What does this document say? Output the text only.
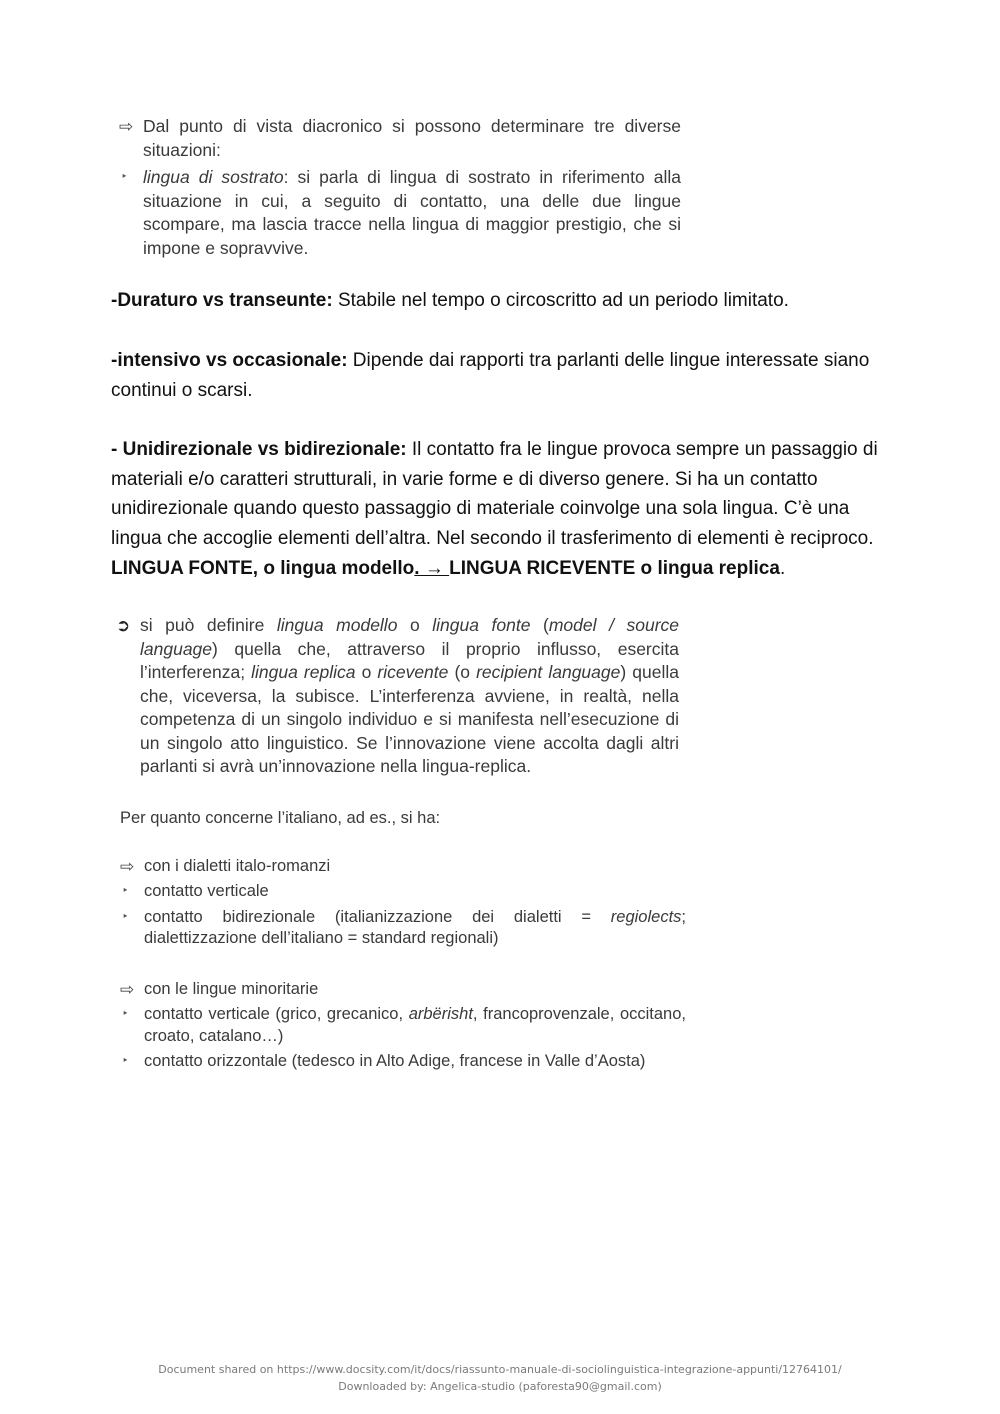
⇨ Dal punto di vista diacronico si possono determinare tre diverse situazioni:
‣ lingua di sostrato: si parla di lingua di sostrato in riferimento alla situazione in cui, a seguito di contatto, una delle due lingue scompare, ma lascia tracce nella lingua di maggior prestigio, che si impone e sopravvive.

-Duraturo vs transeunte: Stabile nel tempo o circoscritto ad un periodo limitato.

-intensivo vs occasionale: Dipende dai rapporti tra parlanti delle lingue interessate siano continui o scarsi.

- Unidirezionale vs bidirezionale: Il contatto fra le lingue provoca sempre un passaggio di materiali e/o caratteri strutturali, in varie forme e di diverso genere. Si ha un contatto unidirezionale quando questo passaggio di materiale coinvolge una sola lingua. C’è una lingua che accoglie elementi dell’altra. Nel secondo il trasferimento di elementi è reciproco.

LINGUA FONTE, o lingua modello. → LINGUA RICEVENTE o lingua replica.

➲ si può definire lingua modello o lingua fonte (model / source language) quella che, attraverso il proprio influsso, esercita l’interferenza; lingua replica o ricevente (o recipient language) quella che, viceversa, la subisce. L’interferenza avviene, in realtà, nella competenza di un singolo individuo e si manifesta nell’esecuzione di un singolo atto linguistico. Se l’innovazione viene accolta dagli altri parlanti si avrà un’innovazione nella lingua-replica.
Per quanto concerne l’italiano, ad es., si ha:
⇨ con i dialetti italo-romanzi
‣ contatto verticale
‣ contatto bidirezionale (italianizzazione dei dialetti = regiolects; dialettizzazione dell’italiano = standard regionali)
⇨ con le lingue minoritarie
‣ contatto verticale (grico, grecanico, arbërisht, francoprovenzale, occitano, croato, catalano…)
‣ contatto orizzontale (tedesco in Alto Adige, francese in Valle d’Aosta)
Document shared on https://www.docsity.com/it/docs/riassunto-manuale-di-sociolinguistica-integrazione-appunti/12764101/
Downloaded by: Angelica-studio (paforesta90@gmail.com)
